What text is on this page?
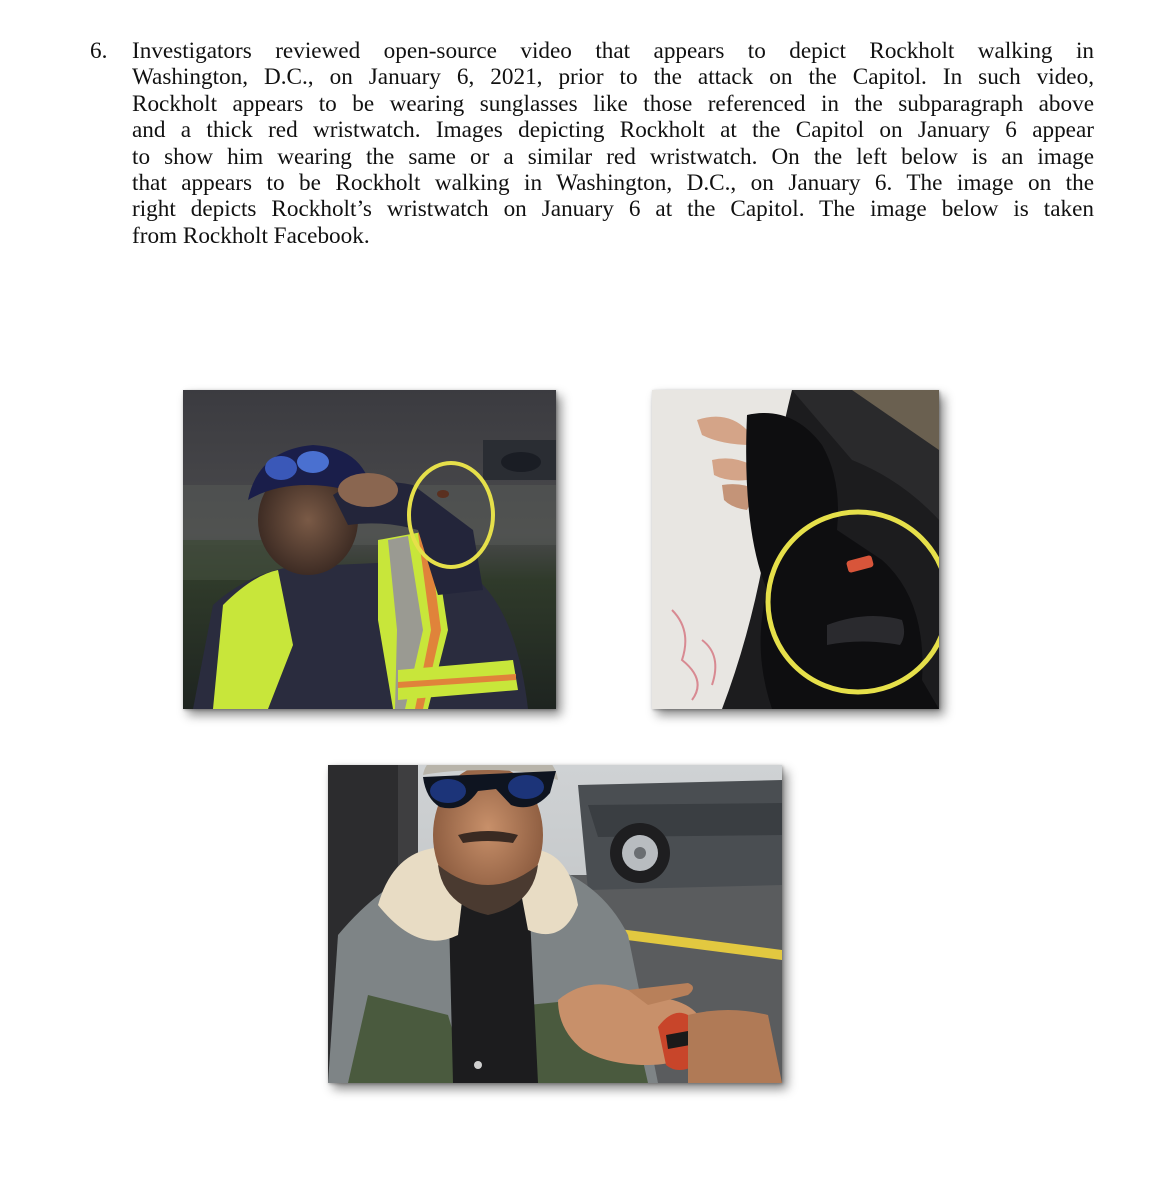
6.	Investigators reviewed open-source video that appears to depict Rockholt walking in
Washington, D.C., on January 6, 2021, prior to the attack on the Capitol. In such video,
Rockholt appears to be wearing sunglasses like those referenced in the subparagraph above
and a thick red wristwatch. Images depicting Rockholt at the Capitol on January 6 appear
to show him wearing the same or a similar red wristwatch. On the left below is an image
that appears to be Rockholt walking in Washington, D.C., on January 6. The image on the
right depicts Rockholt’s wristwatch on January 6 at the Capitol. The image below is taken
from Rockholt Facebook.
